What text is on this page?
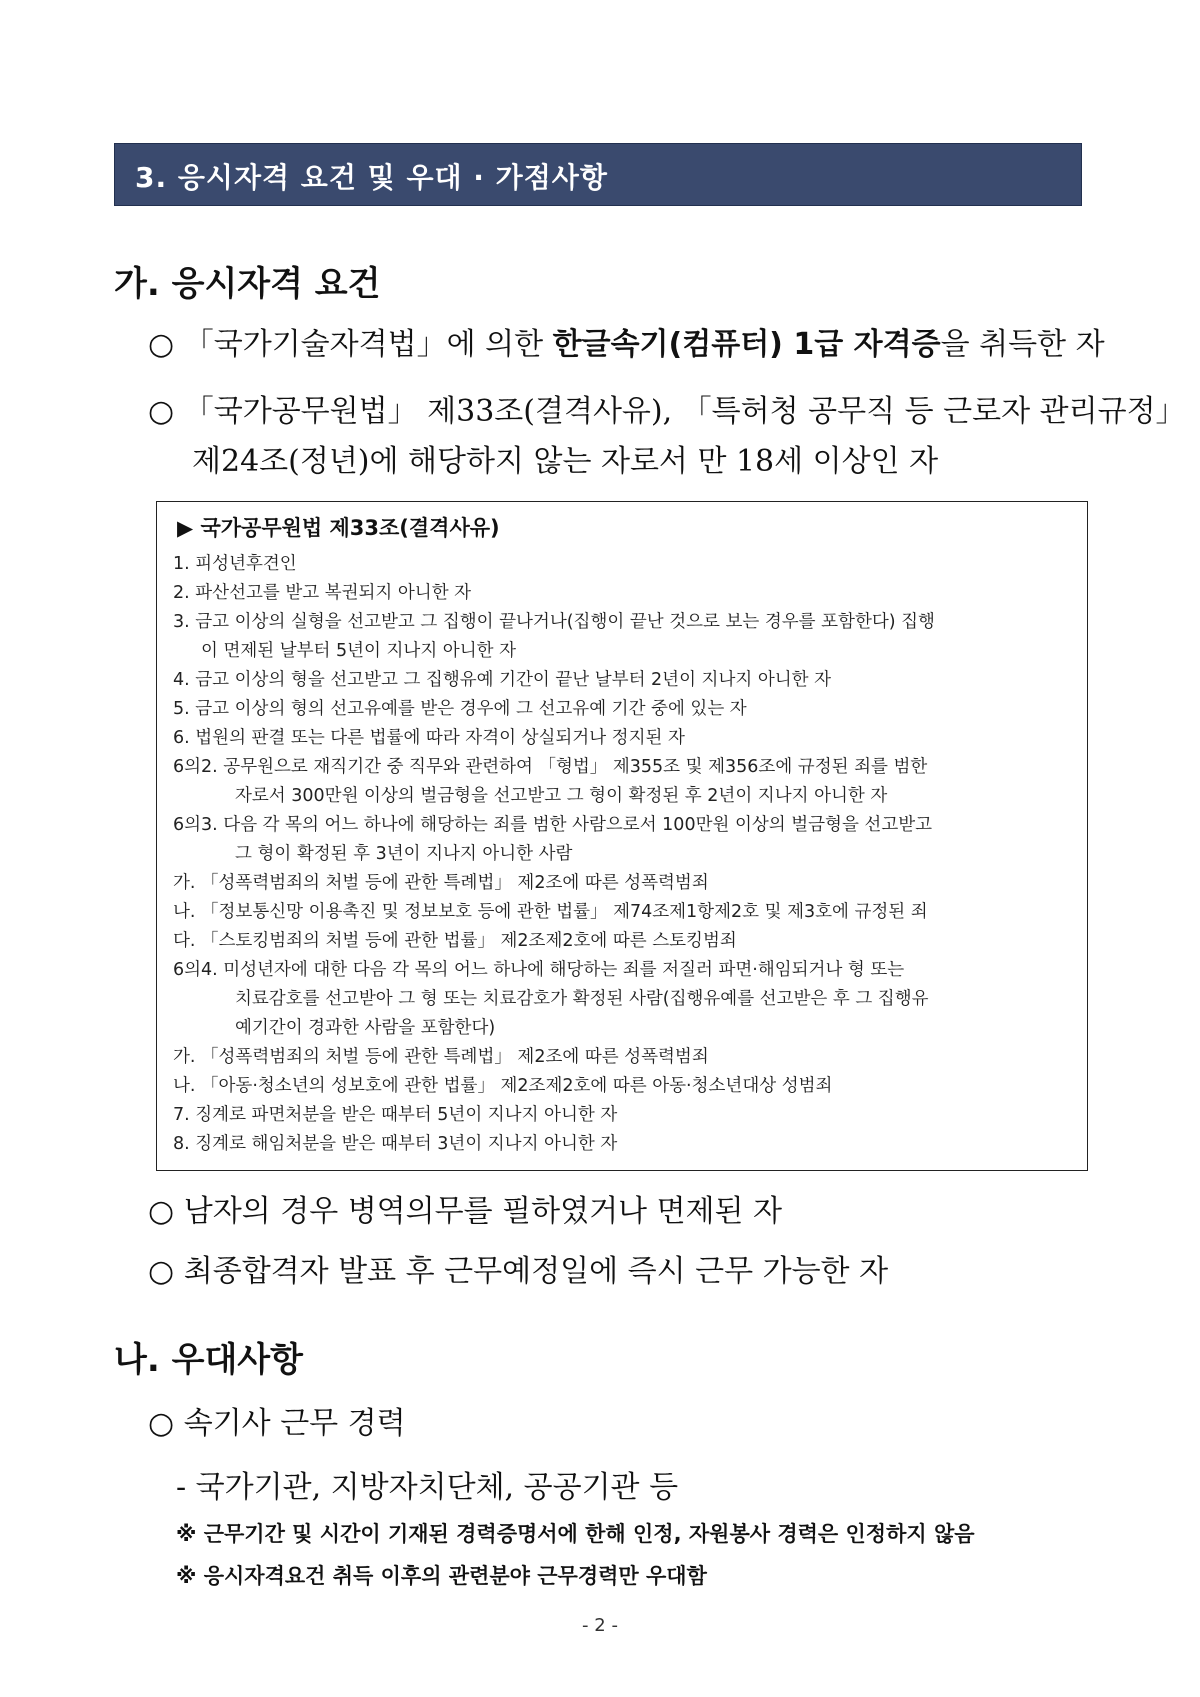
3. 응시자격 요건 및 우대 · 가점사항
가. 응시자격 요건
○ 「국가기술자격법」에 의한 한글속기(컴퓨터) 1급 자격증을 취득한 자
○ 「국가공무원법」 제33조(결격사유), 「특허청 공무직 등 근로자 관리규정」
제24조(정년)에 해당하지 않는 자로서 만 18세 이상인 자
▶ 국가공무원법 제33조(결격사유)
1. 피성년후견인
2. 파산선고를 받고 복권되지 아니한 자
3. 금고 이상의 실형을 선고받고 그 집행이 끝나거나(집행이 끝난 것으로 보는 경우를 포함한다) 집행
이 면제된 날부터 5년이 지나지 아니한 자
4. 금고 이상의 형을 선고받고 그 집행유예 기간이 끝난 날부터 2년이 지나지 아니한 자
5. 금고 이상의 형의 선고유예를 받은 경우에 그 선고유예 기간 중에 있는 자
6. 법원의 판결 또는 다른 법률에 따라 자격이 상실되거나 정지된 자
6의2. 공무원으로 재직기간 중 직무와 관련하여 「형법」 제355조 및 제356조에 규정된 죄를 범한
자로서 300만원 이상의 벌금형을 선고받고 그 형이 확정된 후 2년이 지나지 아니한 자
6의3. 다음 각 목의 어느 하나에 해당하는 죄를 범한 사람으로서 100만원 이상의 벌금형을 선고받고
그 형이 확정된 후 3년이 지나지 아니한 사람
가. 「성폭력범죄의 처벌 등에 관한 특례법」 제2조에 따른 성폭력범죄
나. 「정보통신망 이용촉진 및 정보보호 등에 관한 법률」 제74조제1항제2호 및 제3호에 규정된 죄
다. 「스토킹범죄의 처벌 등에 관한 법률」 제2조제2호에 따른 스토킹범죄
6의4. 미성년자에 대한 다음 각 목의 어느 하나에 해당하는 죄를 저질러 파면·해임되거나 형 또는
치료감호를 선고받아 그 형 또는 치료감호가 확정된 사람(집행유예를 선고받은 후 그 집행유
예기간이 경과한 사람을 포함한다)
가. 「성폭력범죄의 처벌 등에 관한 특례법」 제2조에 따른 성폭력범죄
나. 「아동·청소년의 성보호에 관한 법률」 제2조제2호에 따른 아동·청소년대상 성범죄
7. 징계로 파면처분을 받은 때부터 5년이 지나지 아니한 자
8. 징계로 해임처분을 받은 때부터 3년이 지나지 아니한 자
○ 남자의 경우 병역의무를 필하였거나 면제된 자
○ 최종합격자 발표 후 근무예정일에 즉시 근무 가능한 자
나. 우대사항
○ 속기사 근무 경력
- 국가기관, 지방자치단체, 공공기관 등
※ 근무기간 및 시간이 기재된 경력증명서에 한해 인정, 자원봉사 경력은 인정하지 않음
※ 응시자격요건 취득 이후의 관련분야 근무경력만 우대함
- 2 -
